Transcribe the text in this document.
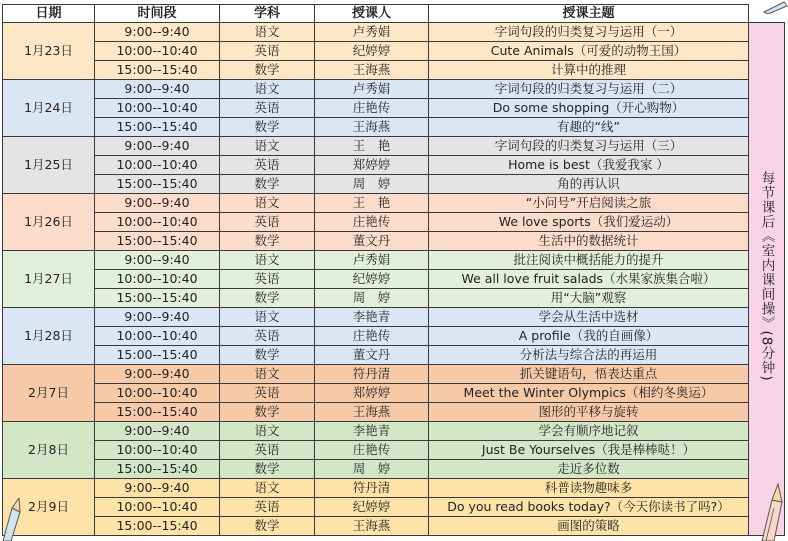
日期	时间段	学科	授课人	授课主题	
1月23日	9:00--9:40	语文	卢秀娟	字词句段的归类复习与运用（一）	每节课后《室内课间操》(8分钟)
	10:00--10:40	英语	纪婷婷	Cute Animals（可爱的动物王国）	
	15:00--15:40	数学	王海燕	计算中的推理	
1月24日	9:00--9:40	语文	卢秀娟	字词句段的归类复习与运用（二）	
	10:00--10:40	英语	庄艳传	Do some shopping（开心购物）	
	15:00--15:40	数学	王海燕	有趣的“线”	
1月25日	9:00--9:40	语文	王　艳	字词句段的归类复习与运用（三）	
	10:00--10:40	英语	郑婷婷	Home is best（我爱我家 ）	
	15:00--15:40	数学	周　婷	角的再认识	
1月26日	9:00--9:40	语文	王　艳	“小问号”开启阅读之旅	
	10:00--10:40	英语	庄艳传	We love sports（我们爱运动）	
	15:00--15:40	数学	董文丹	生活中的数据统计	
1月27日	9:00--9:40	语文	卢秀娟	批注阅读中概括能力的提升	
	10:00--10:40	英语	纪婷婷	We all love fruit salads（水果家族集合啦）	
	15:00--15:40	数学	周　婷	用“大脑”观察	
1月28日	9:00--9:40	语文	李艳青	学会从生活中选材	
	10:00--10:40	英语	庄艳传	A profile（我的自画像）	
	15:00--15:40	数学	董文丹	分析法与综合法的再运用	
2月7日	9:00--9:40	语文	符丹清	抓关键语句，悟表达重点	
	10:00--10:40	英语	郑婷婷	Meet the Winter Olympics（相约冬奥运）	
	15:00--15:40	数学	王海燕	图形的平移与旋转	
2月8日	9:00--9:40	语文	李艳青	学会有顺序地记叙	
	10:00--10:40	英语	庄艳传	Just Be Yourselves（我是棒棒哒！）	
	15:00--15:40	数学	周　婷	走近多位数	
2月9日	9:00--9:40	语文	符丹清	科普读物趣味多	
	10:00--10:40	英语	纪婷婷	Do you read books today?（今天你读书了吗?）	
	15:00--15:40	数学	王海燕	画图的策略	
